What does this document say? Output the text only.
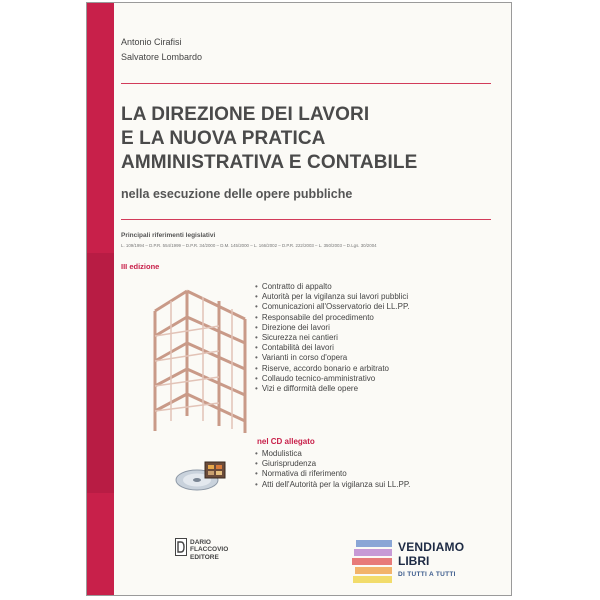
Antonio Cirafisi
Salvatore Lombardo
LA DIREZIONE DEI LAVORI
E LA NUOVA PRATICA
AMMINISTRATIVA E CONTABILE
nella esecuzione delle opere pubbliche
Principali riferimenti legislativi
L. 109/1994 – D.P.R. 554/1999 – D.P.R. 34/2000 – D.M. 145/2000 – L. 166/2002 – D.P.R. 222/2003 – L. 350/2003 – D.Lgs. 30/2004
III edizione
• Contratto di appalto
• Autorità per la vigilanza sui lavori pubblici
• Comunicazioni all'Osservatorio dei LL.PP.
• Responsabile del procedimento
• Direzione dei lavori
• Sicurezza nei cantieri
• Contabilità dei lavori
• Varianti in corso d'opera
• Riserve, accordo bonario e arbitrato
• Collaudo tecnico-amministrativo
• Vizi e difformità delle opere
nel CD allegato
• Modulistica
• Giurisprudenza
• Normativa di riferimento
• Atti dell'Autorità per la vigilanza sui LL.PP.
DARIO
FLACCOVIO
EDITORE
VENDIAMO
LIBRI
DI TUTTI A TUTTI
